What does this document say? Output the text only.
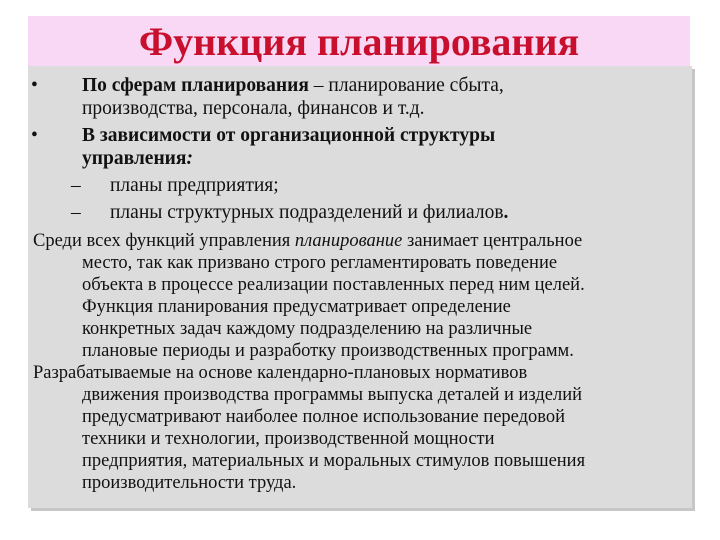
Функция планирования
• По сферам планирования – планирование сбыта,
производства, персонала, финансов и т.д.
• В зависимости от организационной структуры
управления:
– планы предприятия;
– планы структурных подразделений и филиалов.
Среди всех функций управления планирование занимает центральное
место, так как призвано строго регламентировать поведение
объекта в процессе реализации поставленных перед ним целей.
Функция планирования предусматривает определение
конкретных задач каждому подразделению на различные
плановые периоды и разработку производственных программ.
Разрабатываемые на основе календарно-плановых нормативов
движения производства программы выпуска деталей и изделий
предусматривают наиболее полное использование передовой
техники и технологии, производственной мощности
предприятия, материальных и моральных стимулов повышения
производительности труда.
